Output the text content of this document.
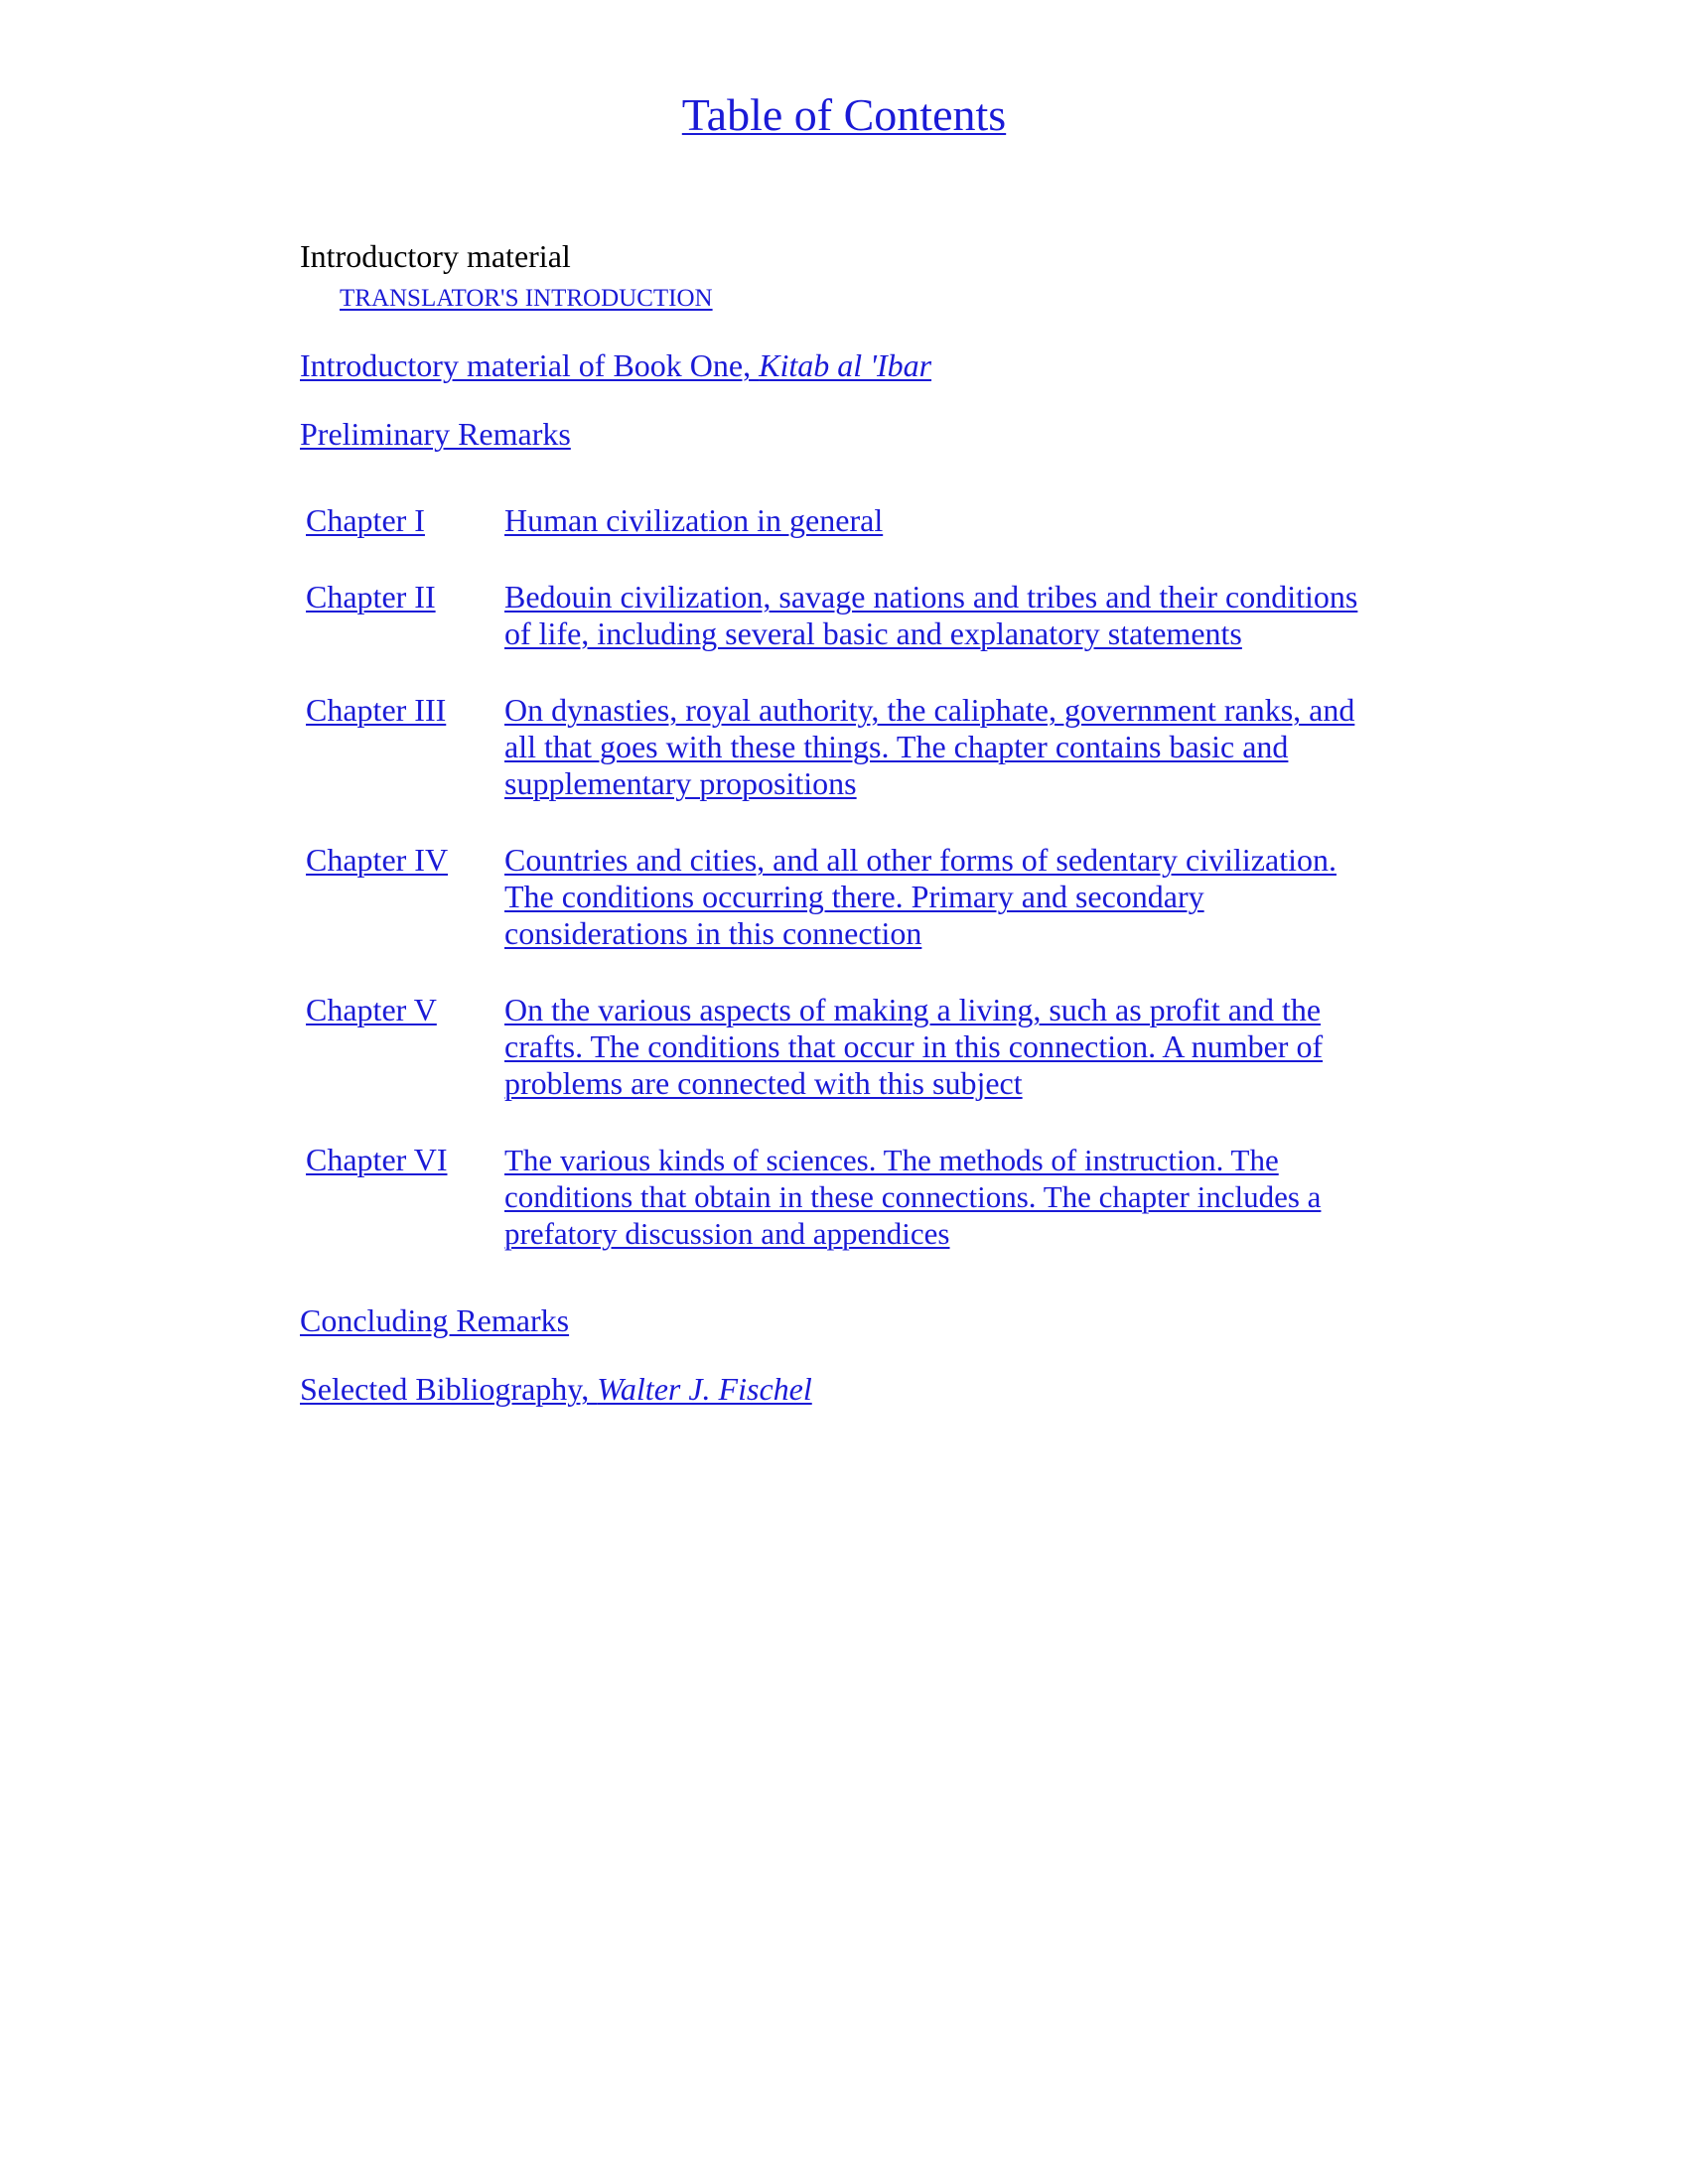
Table of Contents
Introductory material
TRANSLATOR'S INTRODUCTION
Introductory material of Book One, Kitab al 'Ibar
Preliminary Remarks
Chapter I	Human civilization in general
Chapter II	Bedouin civilization, savage nations and tribes and their conditions of life, including several basic and explanatory statements
Chapter III	On dynasties, royal authority, the caliphate, government ranks, and all that goes with these things. The chapter contains basic and supplementary propositions
Chapter IV	Countries and cities, and all other forms of sedentary civilization. The conditions occurring there. Primary and secondary considerations in this connection
Chapter V	On the various aspects of making a living, such as profit and the crafts. The conditions that occur in this connection. A number of problems are connected with this subject
Chapter VI	The various kinds of sciences. The methods of instruction. The conditions that obtain in these connections. The chapter includes a prefatory discussion and appendices
Concluding Remarks
Selected Bibliography, Walter J. Fischel
